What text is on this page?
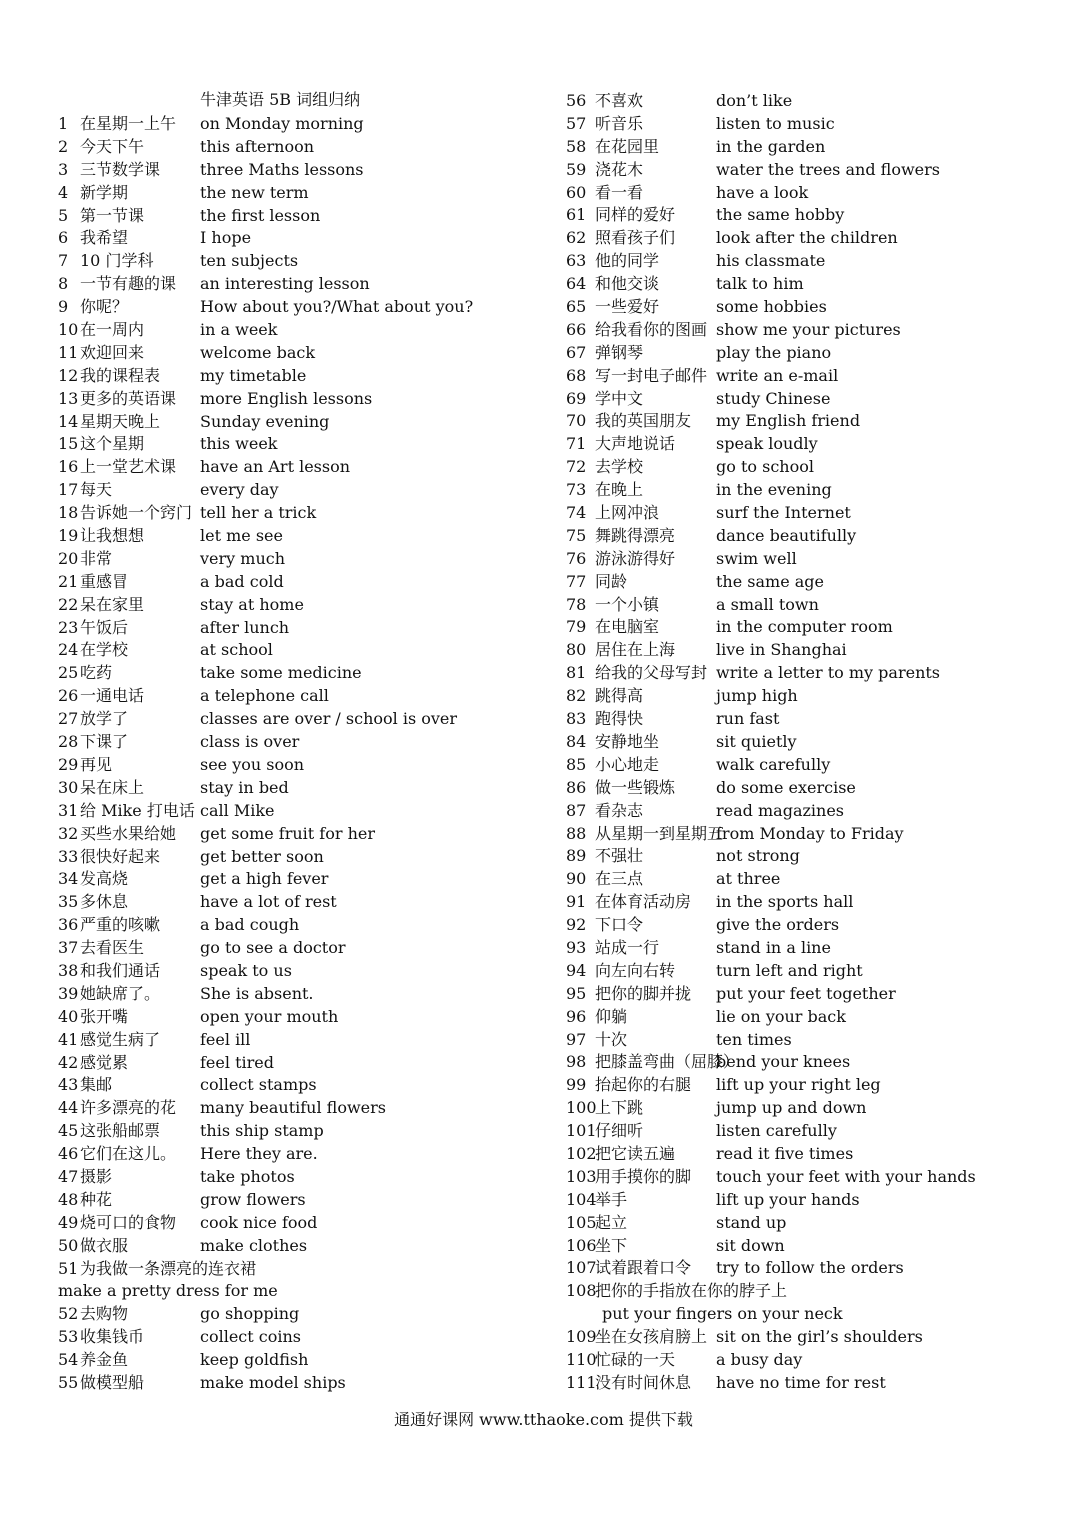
牛津英语 5B 词组归纳
1 在星期一上午 on Monday morning
2 今天下午	this afternoon
3 三节数学课 three Maths lessons
4 新学期	the new term
5 第一节课	the first lesson
6 我希望	I hope
7 10 门学科	ten subjects
8 一节有趣的课 an interesting lesson
9 你呢？	How about you?/What about you?
10 在一周内	in a week
11 欢迎回来	welcome back
12 我的课程表 my timetable
13 更多的英语课 more English lessons
14 星期天晚上 Sunday evening
15 这个星期	this week
16 上一堂艺术课 have an Art lesson
17 每天	every day
18 告诉她一个窍门 tell her a trick
19 让我想想	let me see
20 非常	very much
21 重感冒	a bad cold
22 呆在家里	stay at home
23 午饭后	after lunch
24 在学校	at school
25 吃药	take some medicine
26 一通电话	a telephone call
27 放学了	classes are over / school is over
28 下课了	class is over
29 再见	see you soon
30 呆在床上	stay in bed
31 给 Mike 打电话 call Mike
32 买些水果给她 get some fruit for her
33 很快好起来 get better soon
34 发高烧	get a high fever
35 多休息	have a lot of rest
36 严重的咳嗽 a bad cough
37 去看医生	go to see a doctor
38 和我们通话 speak to us
39 她缺席了。 She is absent.
40 张开嘴	open your mouth
41 感觉生病了 feel ill
42 感觉累	feel tired
43 集邮	collect stamps
44 许多漂亮的花 many beautiful flowers
45 这张船邮票 this ship stamp
46 它们在这儿。 Here they are.
47 摄影	take photos
48 种花	grow flowers
49 烧可口的食物 cook nice food
50 做衣服	make clothes
51 为我做一条漂亮的连衣裙
make a pretty dress for me
52 去购物	go shopping
53 收集钱币	collect coins
54 养金鱼	keep goldfish
55 做模型船	make model ships
56 不喜欢	don’t like
57 听音乐	listen to music
58 在花园里	in the garden
59 浇花木	water the trees and flowers
60 看一看	have a look
61 同样的爱好	the same hobby
62 照看孩子们	look after the children
63 他的同学	his classmate
64 和他交谈	talk to him
65 一些爱好	some hobbies
66 给我看你的图画 show me your pictures
67 弹钢琴	play the piano
68 写一封电子邮件 write an e-mail
69 学中文	study Chinese
70 我的英国朋友 my English friend
71 大声地说话	speak loudly
72 去学校	go to school
73 在晚上	in the evening
74 上网冲浪	surf the Internet
75 舞跳得漂亮	dance beautifully
76 游泳游得好	swim well
77 同龄	the same age
78 一个小镇	a small town
79 在电脑室	in the computer room
80 居住在上海	live in Shanghai
81 给我的父母写封 write a letter to my parents
82 跳得高	jump high
83 跑得快	run fast
84 安静地坐	sit quietly
85 小心地走	walk carefully
86 做一些锻炼	do some exercise
87 看杂志	read magazines
88 从星期一到星期五
from Monday to Friday
89 不强壮	not strong
90 在三点	at three
91 在体育活动房 in the sports hall
92 下口令	give the orders
93 站成一行	stand in a line
94 向左向右转	turn left and right
95 把你的脚并拢 put your feet together
96 仰躺	lie on your back
97 十次	ten times
98 把膝盖弯曲（屈膝）
bend your knees
99 抬起你的右腿 lift up your right leg
100
上下跳	jump up and down
101
仔细听	listen carefully
102
把它读五遍	read it five times
103
用手摸你的脚 touch your feet with your hands
104
举手	lift up your hands
105
起立	stand up
106
坐下	sit down
107
试着跟着口令 try to follow the orders
108
把你的手指放在你的脖子上
put your fingers on your neck
109
坐在女孩肩膀上 sit on the girl’s shoulders
110
忙碌的一天	a busy day
111
没有时间休息 have no time for rest
通通好课网 www.tthaoke.com 提供下载
